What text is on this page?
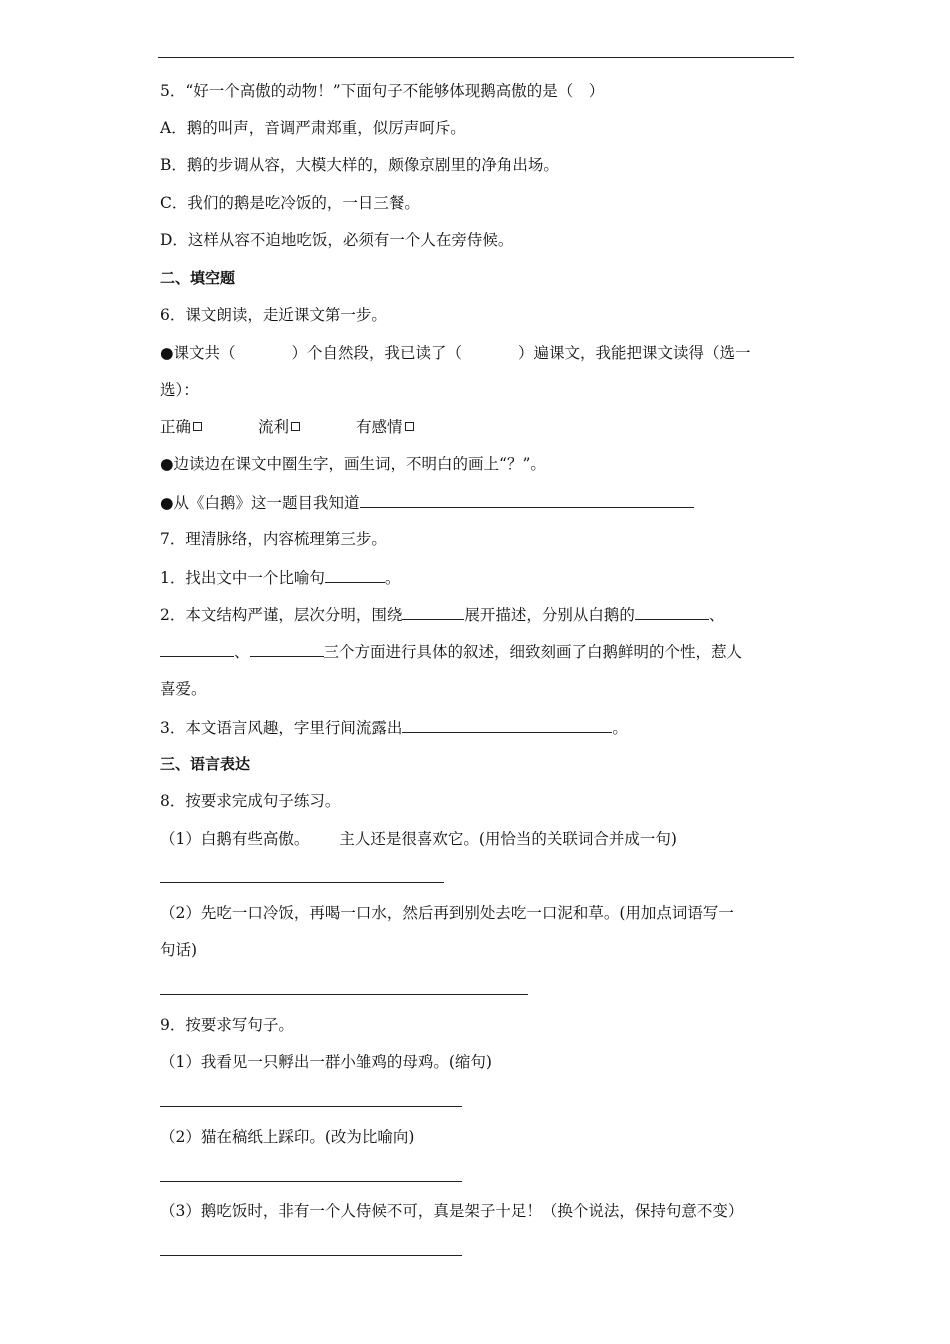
5．“好一个高傲的动物！”下面句子不能够体现鹅高傲的是（　）
A．鹅的叫声，音调严肃郑重，似厉声呵斥。
B．鹅的步调从容，大模大样的，颇像京剧里的净角出场。
C．我们的鹅是吃冷饭的，一日三餐。
D．这样从容不迫地吃饭，必须有一个人在旁侍候。
二、填空题
6．课文朗读，走近课文第一步。
●课文共（	）个自然段，我已读了（	）遍课文，我能把课文读得（选一
选）：
正确	流利	有感情
●边读边在课文中圈生字，画生词，不明白的画上“？”。
●从《白鹅》这一题目我知道
7．理清脉络，内容梳理第三步。
1．找出文中一个比喻句	。
2．本文结构严谨，层次分明，围绕	展开描述，分别从白鹅的	、
、	三个方面进行具体的叙述，细致刻画了白鹅鲜明的个性，惹人
喜爱。
3．本文语言风趣，字里行间流露出	。
三、语言表达
8．按要求完成句子练习。
（1）白鹅有些高傲。 主人还是很喜欢它。(用恰当的关联词合并成一句)
（2）先吃一口冷饭，再喝一口水，然后再到别处去吃一口泥和草。(用加点词语写一
句话)
9．按要求写句子。
（1）我看见一只孵出一群小雏鸡的母鸡。(缩句)
（2）猫在稿纸上踩印。(改为比喻向)
（3）鹅吃饭时，非有一个人侍候不可，真是架子十足！（换个说法，保持句意不变）
